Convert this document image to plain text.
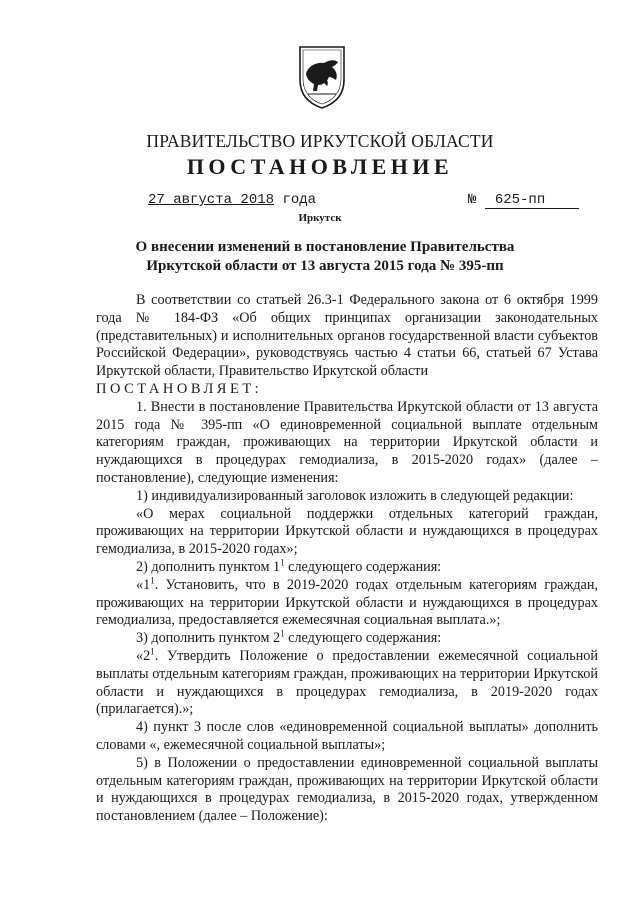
ПРАВИТЕЛЬСТВО ИРКУТСКОЙ ОБЛАСТИ
ПОСТАНОВЛЕНИЕ
27 августа 2018 года	№ 625-пп
Иркутск
О внесении изменений в постановление Правительства Иркутской области от 13 августа 2015 года № 395-пп

В соответствии со статьей 26.3-1 Федерального закона от 6 октября 1999 года № 184-ФЗ «Об общих принципах организации законодательных (представительных) и исполнительных органов государственной власти субъектов Российской Федерации», руководствуясь частью 4 статьи 66, статьей 67 Устава Иркутской области, Правительство Иркутской области

ПОСТАНОВЛЯЕТ:

1. Внести в постановление Правительства Иркутской области от 13 августа 2015 года № 395-пп «О единовременной социальной выплате отдельным категориям граждан, проживающих на территории Иркутской области и нуждающихся в процедурах гемодиализа, в 2015-2020 годах» (далее – постановление), следующие изменения:

1) индивидуализированный заголовок изложить в следующей редакции:

«О мерах социальной поддержки отдельных категорий граждан, проживающих на территории Иркутской области и нуждающихся в процедурах гемодиализа, в 2015-2020 годах»;

2) дополнить пунктом $1^1$ следующего содержания:

«$1^1$. Установить, что в 2019-2020 годах отдельным категориям граждан, проживающих на территории Иркутской области и нуждающихся в процедурах гемодиализа, предоставляется ежемесячная социальная выплата.»;

3) дополнить пунктом $2^1$ следующего содержания:

«$2^1$. Утвердить Положение о предоставлении ежемесячной социальной выплаты отдельным категориям граждан, проживающих на территории Иркутской области и нуждающихся в процедурах гемодиализа, в 2019-2020 годах (прилагается).»;

4) пункт 3 после слов «единовременной социальной выплаты» дополнить словами «, ежемесячной социальной выплаты»;

5) в Положении о предоставлении единовременной социальной выплаты отдельным категориям граждан, проживающих на территории Иркутской области и нуждающихся в процедурах гемодиализа, в 2015-2020 годах, утвержденном постановлением (далее – Положение):
